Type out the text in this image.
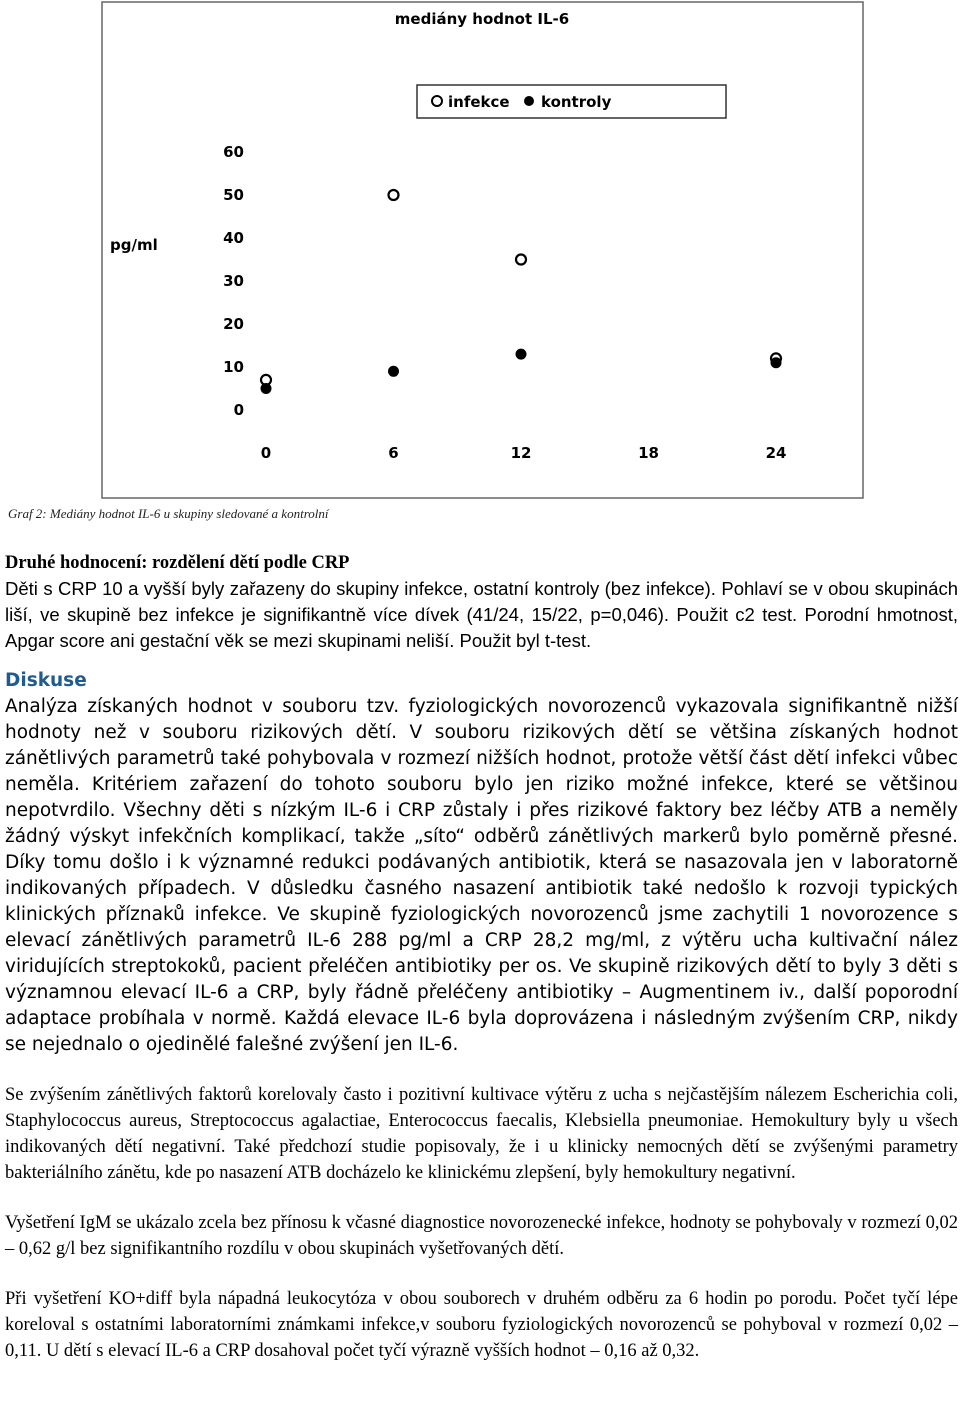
mediány hodnot IL-6
infekce kontroly
pg/ml
0
10
20
30
40
50
60
0	6	12	18	24
Graf 2: Mediány hodnot IL-6 u skupiny sledované a kontrolní

Druhé hodnocení: rozdělení dětí podle CRP

Děti s CRP 10 a vyšší byly zařazeny do skupiny infekce, ostatní kontroly (bez infekce). Pohlaví se v obou skupinách liší, ve skupině bez infekce je signifikantně více dívek (41/24, 15/22, p=0,046). Použit c2 test. Porodní hmotnost, Apgar score ani gestační věk se mezi skupinami neliší. Použit byl t-test.

Diskuse

Analýza získaných hodnot v souboru tzv. fyziologických novorozenců vykazovala signifikantně nižší hodnoty než v souboru rizikových dětí. V souboru rizikových dětí se většina získaných hodnot zánětlivých parametrů také pohybovala v rozmezí nižších hodnot, protože větší část dětí infekci vůbec neměla. Kritériem zařazení do tohoto souboru bylo jen riziko možné infekce, které se většinou nepotvrdilo. Všechny děti s nízkým IL-6 i CRP zůstaly i přes rizikové faktory bez léčby ATB a neměly žádný výskyt infekčních komplikací, takže „síto“ odběrů zánětlivých markerů bylo poměrně přesné. Díky tomu došlo i k významné redukci podávaných antibiotik, která se nasazovala jen v laboratorně indikovaných případech. V důsledku časného nasazení antibiotik také nedošlo k rozvoji typických klinických příznaků infekce. Ve skupině fyziologických novorozenců jsme zachytili 1 novorozence s elevací zánětlivých parametrů IL-6 288 pg/ml a CRP 28,2 mg/ml, z výtěru ucha kultivační nález viridujících streptokoků, pacient přeléčen antibiotiky per os. Ve skupině rizikových dětí to byly 3 děti s významnou elevací IL-6 a CRP, byly řádně přeléčeny antibiotiky – Augmentinem iv., další poporodní adaptace probíhala v normě. Každá elevace IL-6 byla doprovázena i následným zvýšením CRP, nikdy se nejednalo o ojedinělé falešné zvýšení jen IL-6.

Se zvýšením zánětlivých faktorů korelovaly často i pozitivní kultivace výtěru z ucha s nejčastějším nálezem Escherichia coli, Staphylococcus aureus, Streptococcus agalactiae, Enterococcus faecalis, Klebsiella pneumoniae. Hemokultury byly u všech indikovaných dětí negativní. Také předchozí studie popisovaly, že i u klinicky nemocných dětí se zvýšenými parametry bakteriálního zánětu, kde po nasazení ATB docházelo ke klinickému zlepšení, byly hemokultury negativní.

Vyšetření IgM se ukázalo zcela bez přínosu k včasné diagnostice novorozenecké infekce, hodnoty se pohybovaly v rozmezí 0,02 – 0,62 g/l bez signifikantního rozdílu v obou skupinách vyšetřovaných dětí.

Při vyšetření KO+diff byla nápadná leukocytóza v obou souborech v druhém odběru za 6 hodin po porodu. Počet tyčí lépe koreloval s ostatními laboratorními známkami infekce,v souboru fyziologických novorozenců se pohyboval v rozmezí 0,02 – 0,11. U dětí s elevací IL-6 a CRP dosahoval počet tyčí výrazně vyšších hodnot – 0,16 až 0,32.
